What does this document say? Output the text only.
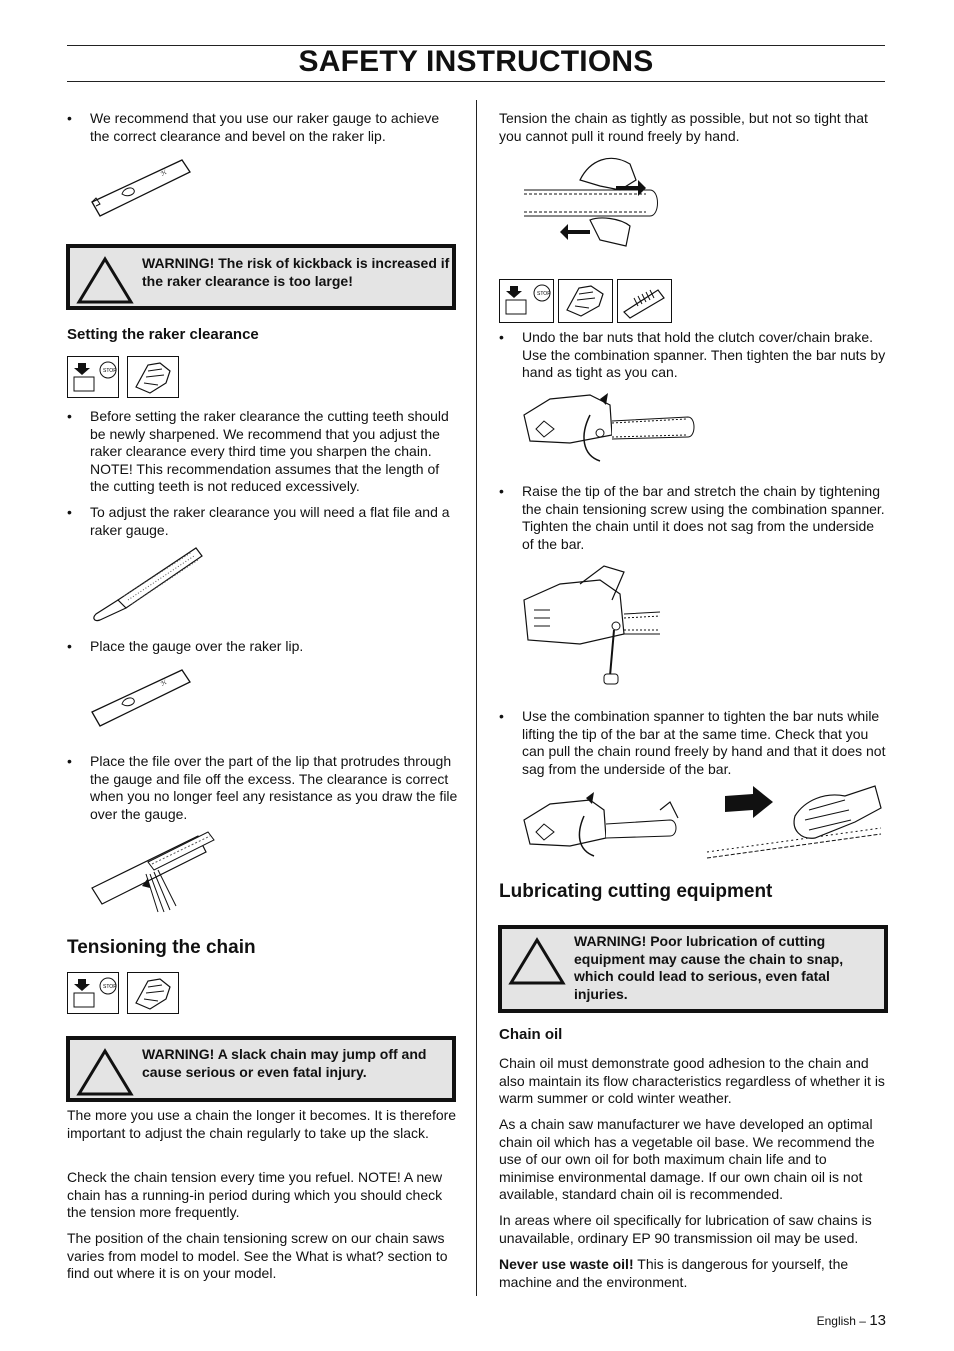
SAFETY INSTRUCTIONS
• We recommend that you use our raker gauge to achieve the correct clearance and bevel on the raker lip.
ℋ
WARNING! The risk of kickback is increased if the raker clearance is too large!
Setting the raker clearance
STOP
• Before setting the raker clearance the cutting teeth should be newly sharpened. We recommend that you adjust the raker clearance every third time you sharpen the chain. NOTE! This recommendation assumes that the length of the cutting teeth is not reduced excessively.
• To adjust the raker clearance you will need a flat file and a raker gauge.
• Place the gauge over the raker lip.
ℋ
• Place the file over the part of the lip that protrudes through the gauge and file off the excess. The clearance is correct when you no longer feel any resistance as you draw the file over the gauge.
Tensioning the chain
STOP
WARNING! A slack chain may jump off and cause serious or even fatal injury.
The more you use a chain the longer it becomes. It is therefore important to adjust the chain regularly to take up the slack.
Check the chain tension every time you refuel. NOTE! A new chain has a running-in period during which you should check the tension more frequently.
The position of the chain tensioning screw on our chain saws varies from model to model. See the What is what? section to find out where it is on your model.
Tension the chain as tightly as possible, but not so tight that you cannot pull it round freely by hand.
STOP
• Undo the bar nuts that hold the clutch cover/chain brake. Use the combination spanner. Then tighten the bar nuts by hand as tight as you can.
• Raise the tip of the bar and stretch the chain by tightening the chain tensioning screw using the combination spanner. Tighten the chain until it does not sag from the underside of the bar.
• Use the combination spanner to tighten the bar nuts while lifting the tip of the bar at the same time. Check that you can pull the chain round freely by hand and that it does not sag from the underside of the bar.
Lubricating cutting equipment
WARNING! Poor lubrication of cutting equipment may cause the chain to snap, which could lead to serious, even fatal injuries.
Chain oil
Chain oil must demonstrate good adhesion to the chain and also maintain its flow characteristics regardless of whether it is warm summer or cold winter weather.
As a chain saw manufacturer we have developed an optimal chain oil which has a vegetable oil base. We recommend the use of our own oil for both maximum chain life and to minimise environmental damage. If our own chain oil is not available, standard chain oil is recommended.
In areas where oil specifically for lubrication of saw chains is unavailable, ordinary EP 90 transmission oil may be used.
Never use waste oil! This is dangerous for yourself, the machine and the environment.
English – 13
